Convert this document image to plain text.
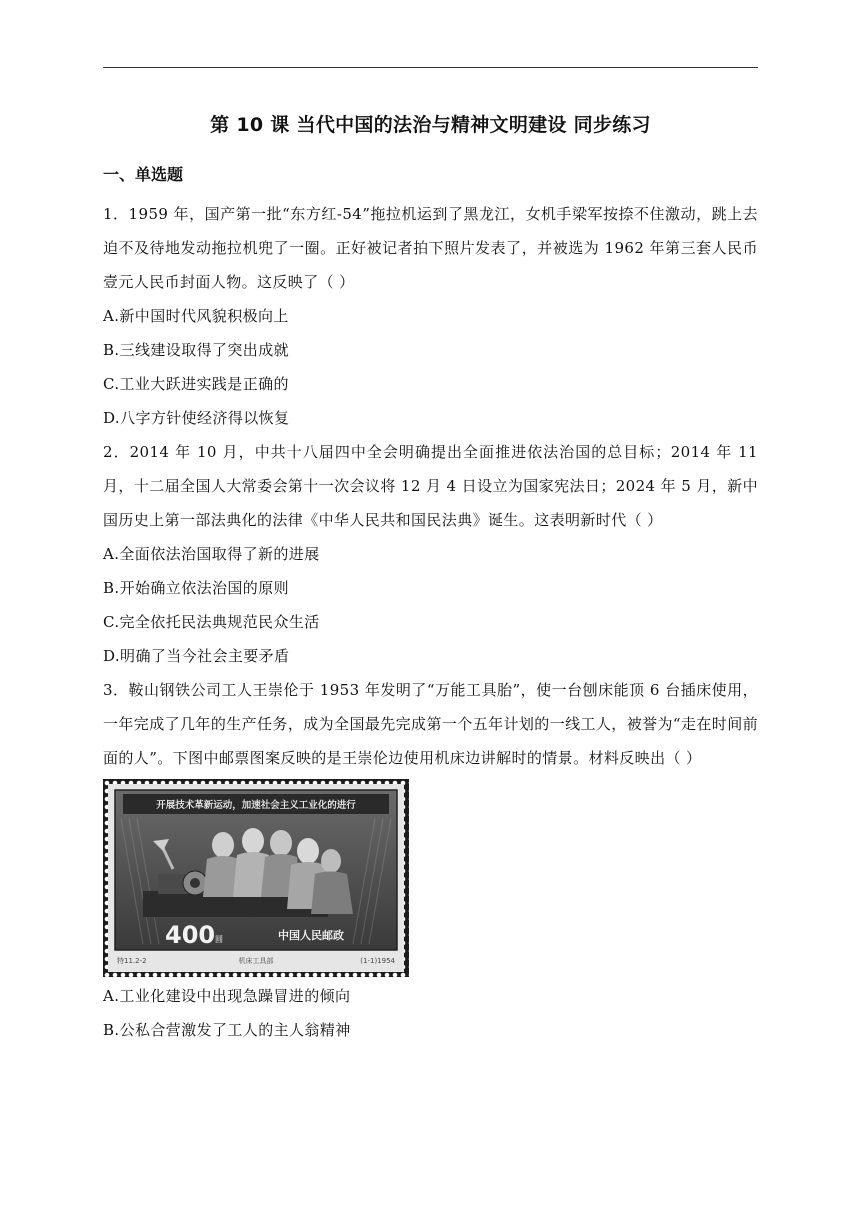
第 10 课 当代中国的法治与精神文明建设 同步练习
一、单选题

1．1959 年，国产第一批“东方红-54”拖拉机运到了黑龙江，女机手梁军按捺不住激动，跳上去迫不及待地发动拖拉机兜了一圈。正好被记者拍下照片发表了，并被选为 1962 年第三套人民币壹元人民币封面人物。这反映了（ ）

A.新中国时代风貌积极向上

B.三线建设取得了突出成就

C.工业大跃进实践是正确的

D.八字方针使经济得以恢复

2．2014 年 10 月，中共十八届四中全会明确提出全面推进依法治国的总目标；2014 年 11 月，十二届全国人大常委会第十一次会议将 12 月 4 日设立为国家宪法日；2024 年 5 月，新中国历史上第一部法典化的法律《中华人民共和国民法典》诞生。这表明新时代（ ）

A.全面依法治国取得了新的进展

B.开始确立依法治国的原则

C.完全依托民法典规范民众生活

D.明确了当今社会主要矛盾

3．鞍山钢铁公司工人王崇伦于 1953 年发明了“万能工具胎”，使一台刨床能顶 6 台插床使用，一年完成了几年的生产任务，成为全国最先完成第一个五年计划的一线工人，被誉为“走在时间前面的人”。下图中邮票图案反映的是王崇伦边使用机床边讲解时的情景。材料反映出（ ）

开展技术革新运动，加速社会主义工业化的进行
400 圆	中国人民邮政
特11.2-2	机床工具部	(1-1)1954

A.工业化建设中出现急躁冒进的倾向

B.公私合营激发了工人的主人翁精神
